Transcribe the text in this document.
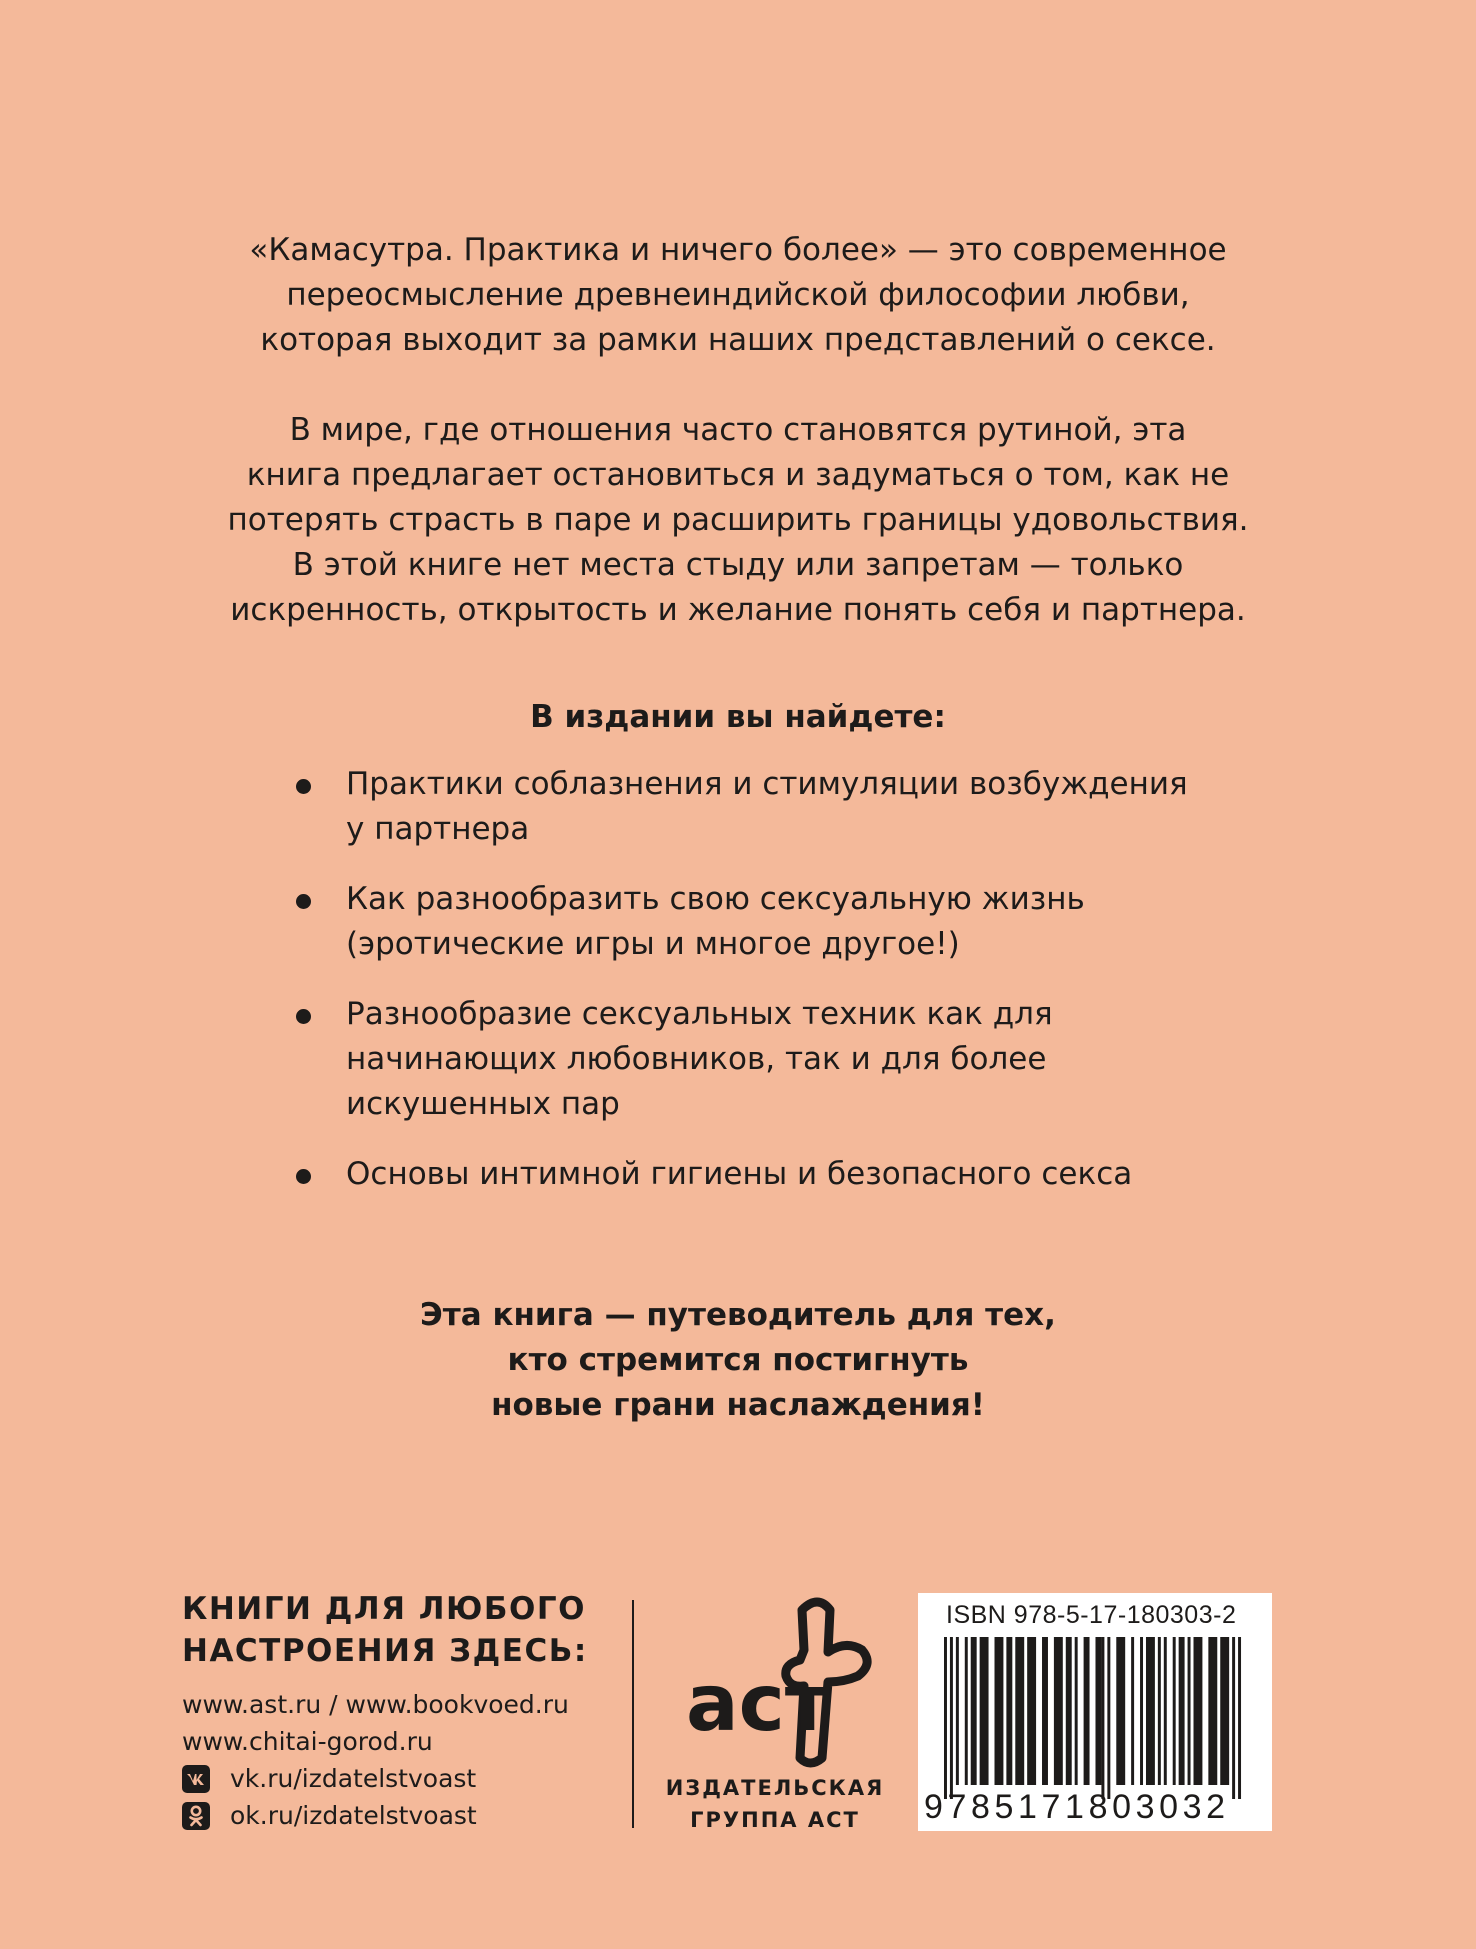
«Камасутра. Практика и ничего более» — это современное
переосмысление древнеиндийской философии любви,
которая выходит за рамки наших представлений о сексе.

В мире, где отношения часто становятся рутиной, эта
книга предлагает остановиться и задуматься о том, как не
потерять страсть в паре и расширить границы удовольствия.
В этой книге нет места стыду или запретам — только
искренность, открытость и желание понять себя и партнера.

В издании вы найдете:
Практики соблазнения и стимуляции возбуждения
у партнера
Как разнообразить свою сексуальную жизнь
(эротические игры и многое другое!)
Разнообразие сексуальных техник как для
начинающих любовников, так и для более
искушенных пар
Основы интимной гигиены и безопасного секса
Эта книга — путеводитель для тех,
кто стремится постигнуть
новые грани наслаждения!
КНИГИ ДЛЯ ЛЮБОГО
НАСТРОЕНИЯ ЗДЕСЬ:
www.ast.ru / www.bookvoed.ru
www.chitai-gorod.ru
vk.ru/izdatelstvoast
ok.ru/izdatelstvoast
аст
ИЗДАТЕЛЬСКАЯ
ГРУППА АСТ
ISBN 978-5-17-180303-2
9785171803032
